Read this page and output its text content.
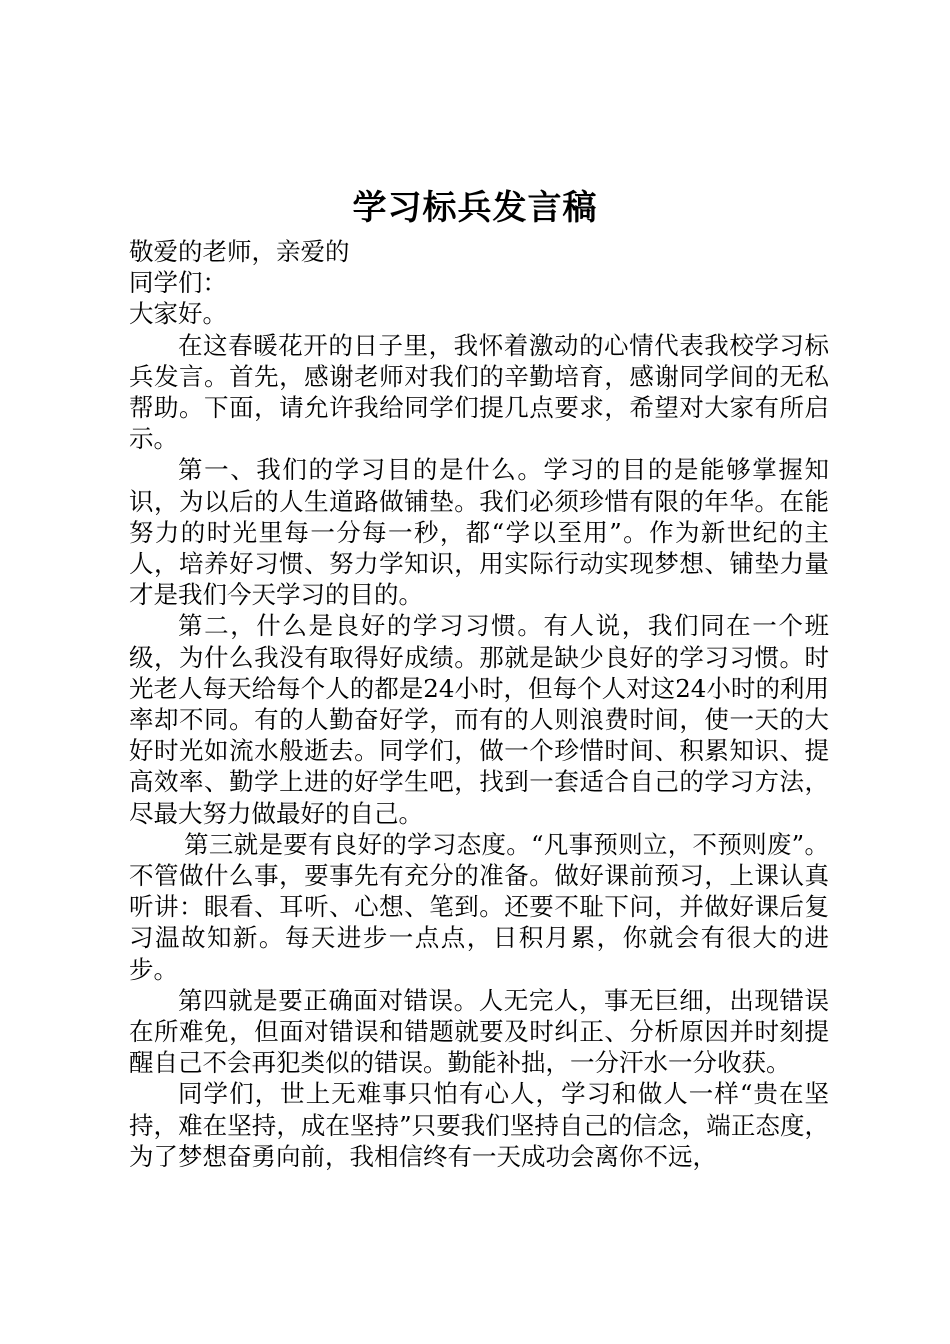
学习标兵发言稿

敬爱的老师，亲爱的

同学们：

大家好。

在这春暖花开的日子里，我怀着激动的心情代表我校学习标兵发言。首先，感谢老师对我们的辛勤培育，感谢同学间的无私帮助。下面，请允许我给同学们提几点要求，希望对大家有所启示。

第一、我们的学习目的是什么。学习的目的是能够掌握知识，为以后的人生道路做铺垫。我们必须珍惜有限的年华。在能努力的时光里每一分每一秒，都“学以至用”。作为新世纪的主人，培养好习惯、努力学知识，用实际行动实现梦想、铺垫力量才是我们今天学习的目的。

第二，什么是良好的学习习惯。有人说，我们同在一个班级，为什么我没有取得好成绩。那就是缺少良好的学习习惯。时光老人每天给每个人的都是24小时，但每个人对这24小时的利用率却不同。有的人勤奋好学，而有的人则浪费时间，使一天的大好时光如流水般逝去。同学们，做一个珍惜时间、积累知识、提高效率、勤学上进的好学生吧，找到一套适合自己的学习方法，尽最大努力做最好的自己。

第三就是要有良好的学习态度。“凡事预则立，不预则废”。不管做什么事，要事先有充分的准备。做好课前预习，上课认真听讲：眼看、耳听、心想、笔到。还要不耻下问，并做好课后复习温故知新。每天进步一点点，日积月累，你就会有很大的进步。

第四就是要正确面对错误。人无完人，事无巨细，出现错误在所难免，但面对错误和错题就要及时纠正、分析原因并时刻提醒自己不会再犯类似的错误。勤能补拙，一分汗水一分收获。

同学们，世上无难事只怕有心人，学习和做人一样“贵在坚持，难在坚持，成在坚持”只要我们坚持自己的信念，端正态度，为了梦想奋勇向前，我相信终有一天成功会离你不远，
